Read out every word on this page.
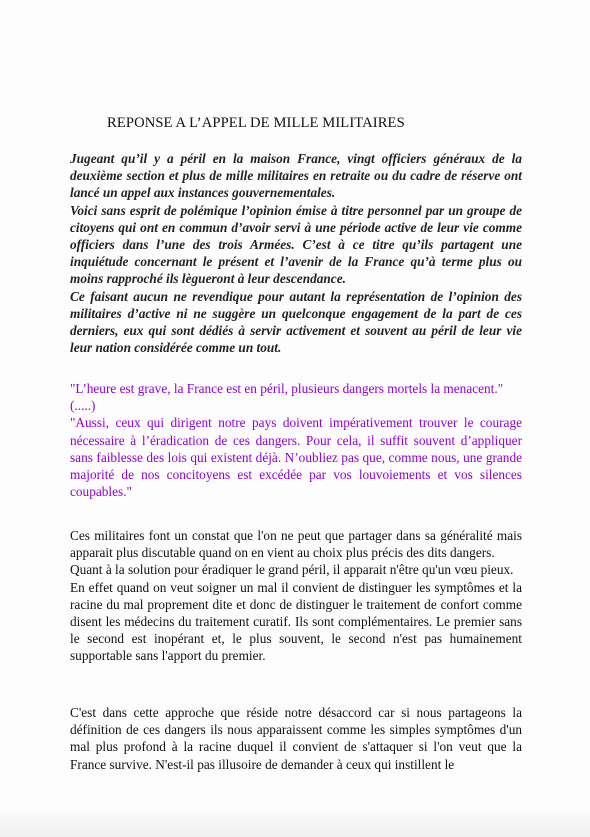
REPONSE A L’APPEL DE MILLE MILITAIRES

Jugeant qu’il y a péril en la maison France, vingt officiers généraux de la deuxième section et plus de mille militaires en retraite ou du cadre de réserve ont lancé un appel aux instances gouvernementales.

Voici sans esprit de polémique l’opinion émise à titre personnel par un groupe de citoyens qui ont en commun d’avoir servi à une période active de leur vie comme officiers dans l’une des trois Armées. C’est à ce titre qu’ils partagent une inquiétude concernant le présent et l’avenir de la France qu’à terme plus ou moins rapproché ils lègueront à leur descendance.

Ce faisant aucun ne revendique pour autant la représentation de l’opinion des militaires d’active ni ne suggère un quelconque engagement de la part de ces derniers, eux qui sont dédiés à servir activement et souvent au péril de leur vie leur nation considérée comme un tout.

"L’heure est grave, la France est en péril, plusieurs dangers mortels la menacent."

(.....)

"Aussi, ceux qui dirigent notre pays doivent impérativement trouver le courage nécessaire à l’éradication de ces dangers. Pour cela, il suffit souvent d’appliquer sans faiblesse des lois qui existent déjà. N’oubliez pas que, comme nous, une grande majorité de nos concitoyens est excédée par vos louvoiements et vos silences coupables."

Ces militaires font un constat que l'on ne peut que partager dans sa généralité mais apparait plus discutable quand on en vient au choix plus précis des dits dangers.

Quant à la solution pour éradiquer le grand péril, il apparait n'être qu'un vœu pieux.

En effet quand on veut soigner un mal il convient de distinguer les symptômes et la racine du mal proprement dite et donc de distinguer le traitement de confort comme disent les médecins du traitement curatif. Ils sont complémentaires. Le premier sans le second est inopérant et, le plus souvent, le second n'est pas humainement supportable sans l'apport du premier.

C'est dans cette approche que réside notre désaccord car si nous partageons la définition de ces dangers ils nous apparaissent comme les simples symptômes d'un mal plus profond à la racine duquel il convient de s'attaquer si l'on veut que la France survive. N'est-il pas illusoire de demander à ceux qui instillent le
